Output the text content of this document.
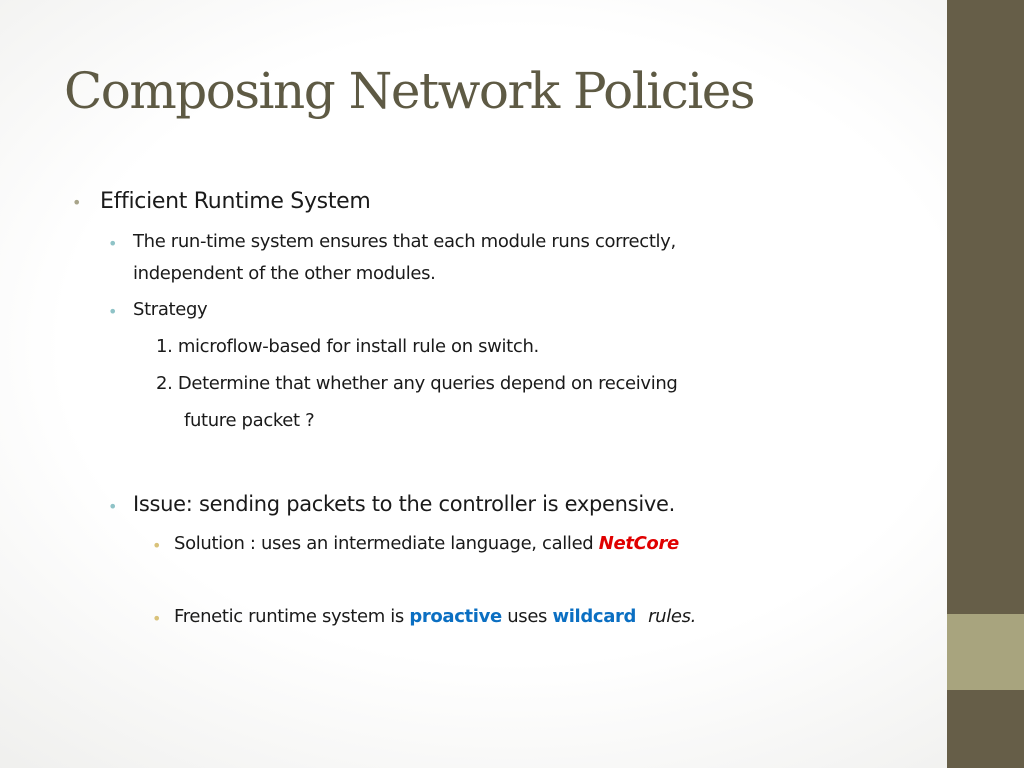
Composing Network Policies
• Efficient Runtime System
• The run-time system ensures that each module runs correctly,
independent of the other modules.
• Strategy
1. microflow-based for install rule on switch.
2. Determine that whether any queries depend on receiving
future packet ?
• Issue: sending packets to the controller is expensive.
• Solution : uses an intermediate language, called NetCore
• Frenetic runtime system is proactive uses wildcard rules.
